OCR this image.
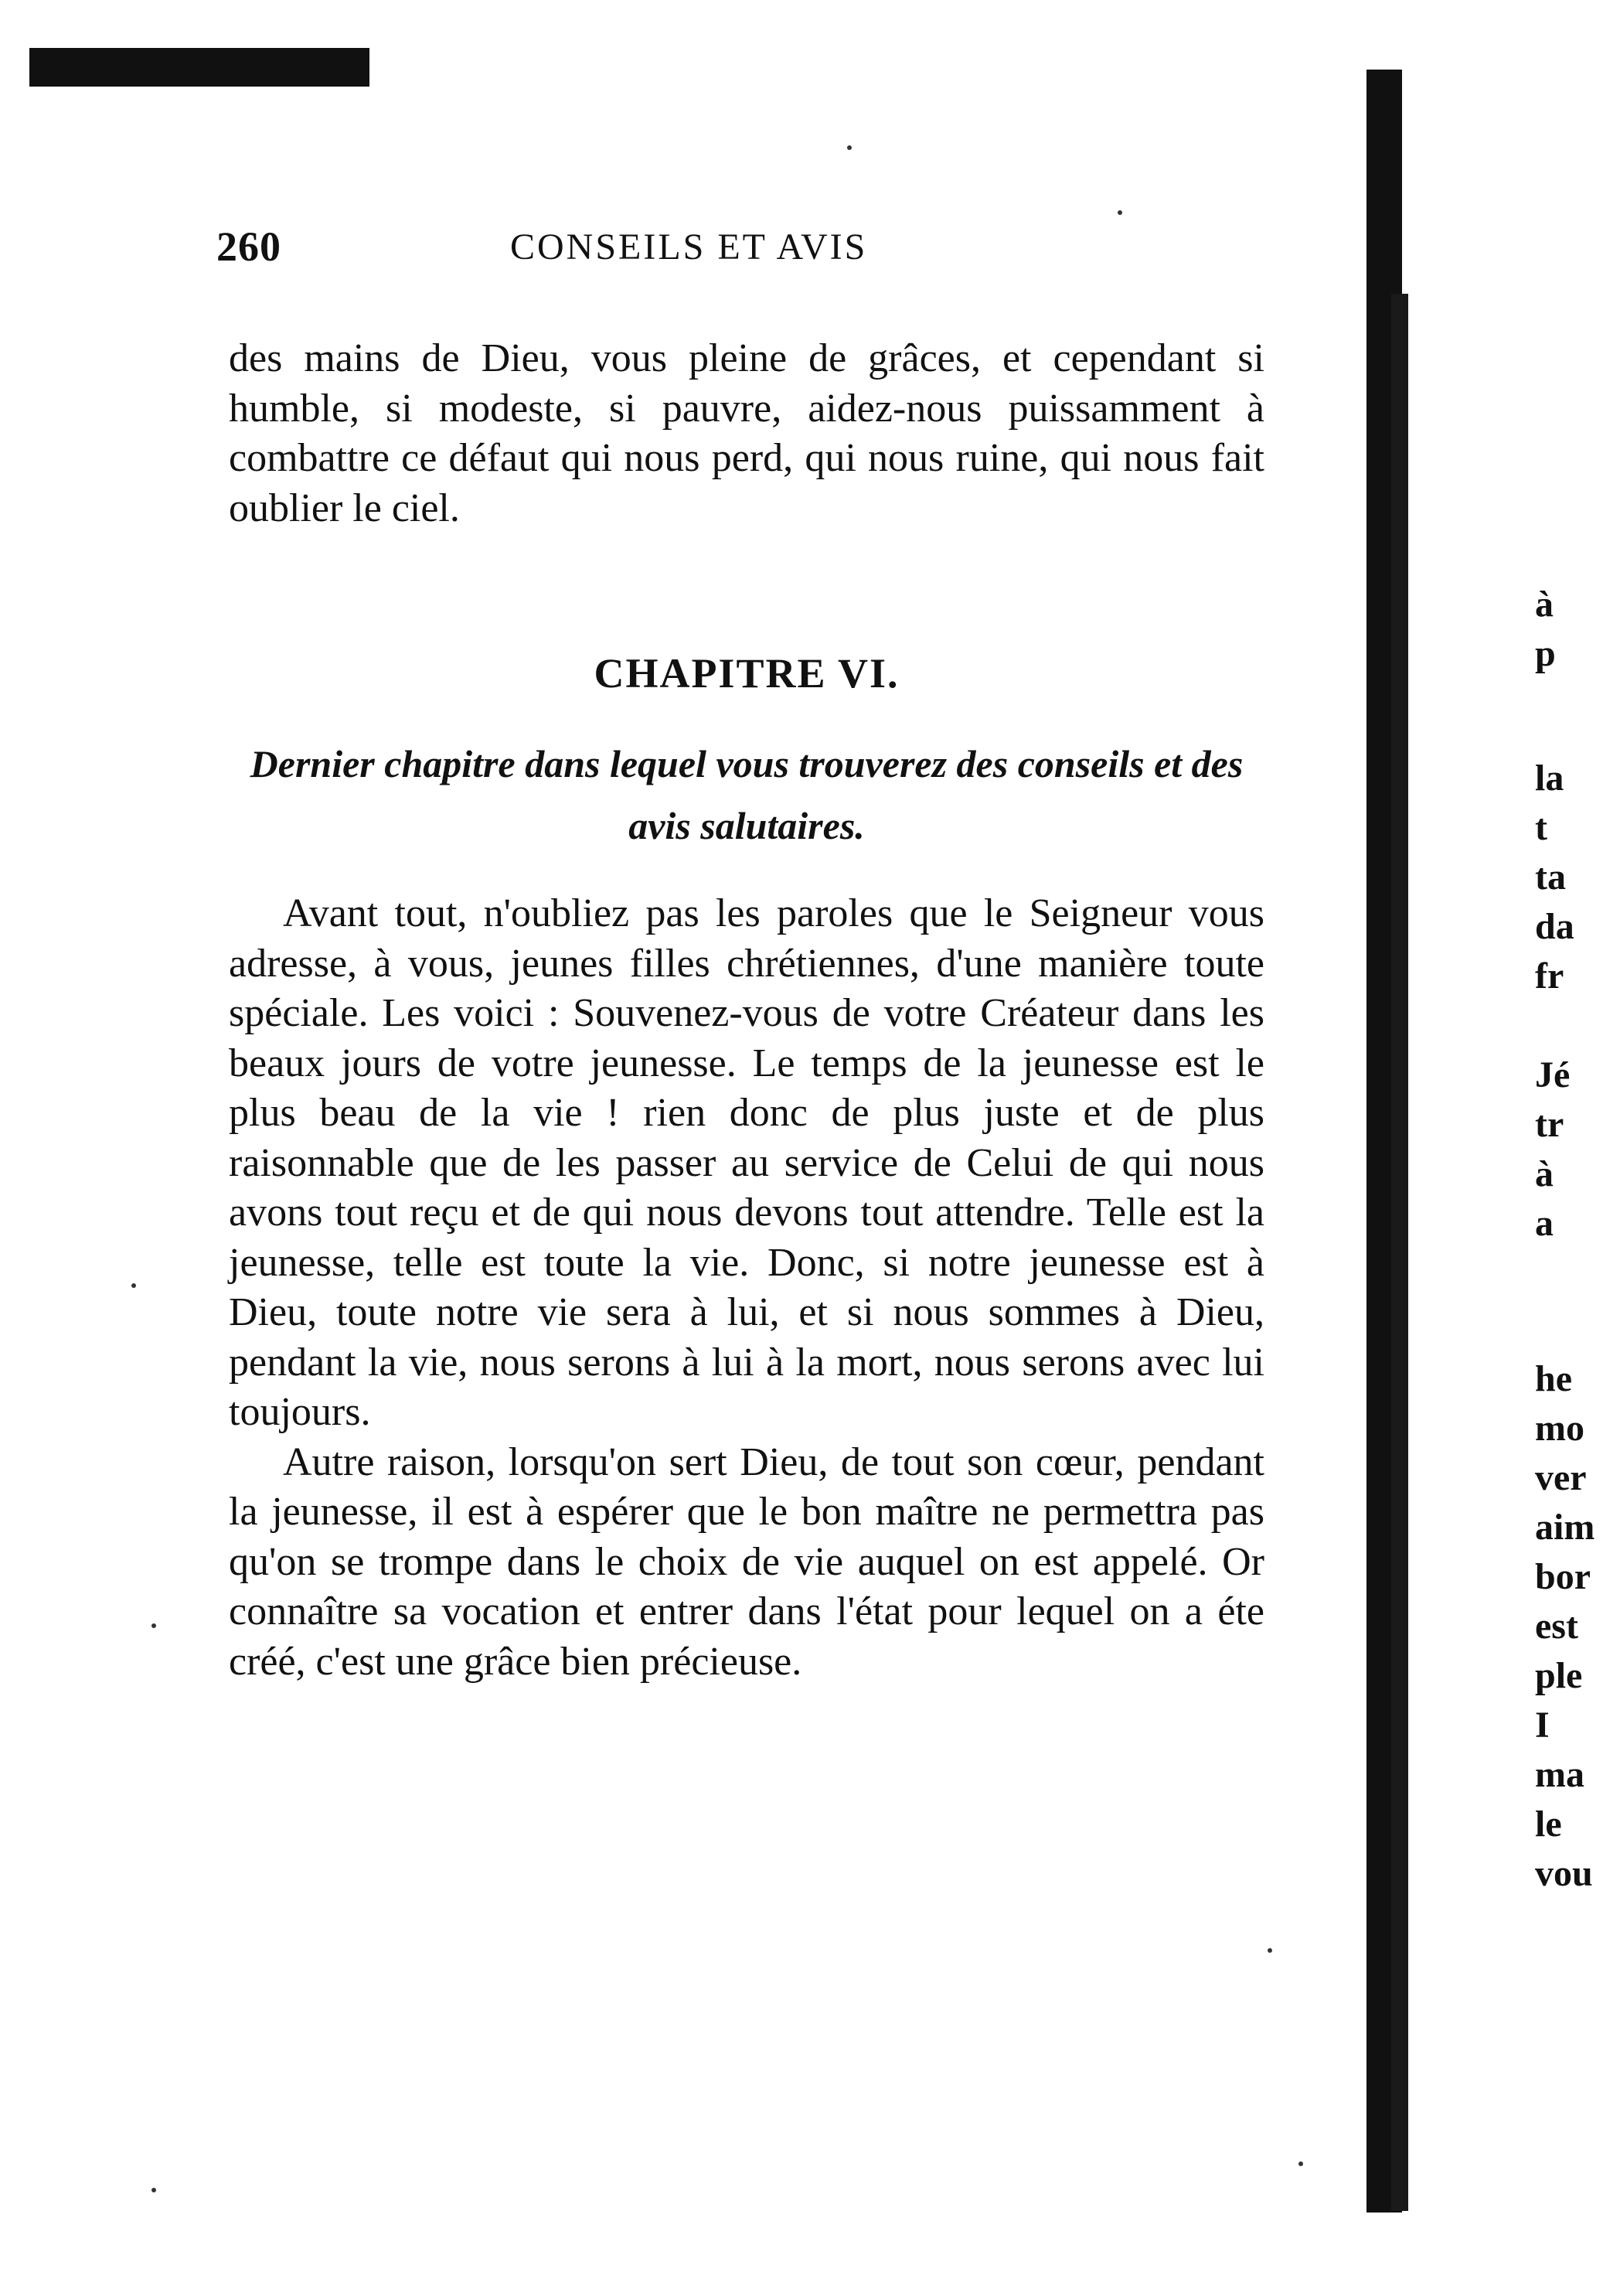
260	CONSEILS ET AVIS

des mains de Dieu, vous pleine de grâces, et cependant si humble, si modeste, si pauvre, aidez-nous puissamment à combattre ce défaut qui nous perd, qui nous ruine, qui nous fait oublier le ciel.

CHAPITRE VI.
Dernier chapitre dans lequel vous trouverez des conseils et des avis salutaires.

Avant tout, n'oubliez pas les paroles que le Seigneur vous adresse, à vous, jeunes filles chrétiennes, d'une manière toute spéciale. Les voici : Souvenez-vous de votre Créateur dans les beaux jours de votre jeunesse. Le temps de la jeunesse est le plus beau de la vie ! rien donc de plus juste et de plus raisonnable que de les passer au service de Celui de qui nous avons tout reçu et de qui nous devons tout attendre. Telle est la jeunesse, telle est toute la vie. Donc, si notre jeunesse est à Dieu, toute notre vie sera à lui, et si nous sommes à Dieu, pendant la vie, nous serons à lui à la mort, nous serons avec lui toujours.

Autre raison, lorsqu'on sert Dieu, de tout son cœur, pendant la jeunesse, il est à espérer que le bon maître ne permettra pas qu'on se trompe dans le choix de vie auquel on est appelé. Or connaître sa vocation et entrer dans l'état pour lequel on a éte créé, c'est une grâce bien précieuse.

à
p
la
t
ta
da
fr
Jé
tr
à
a
he
mo
ver
aim
bor
est
ple
I
ma
le
vou
